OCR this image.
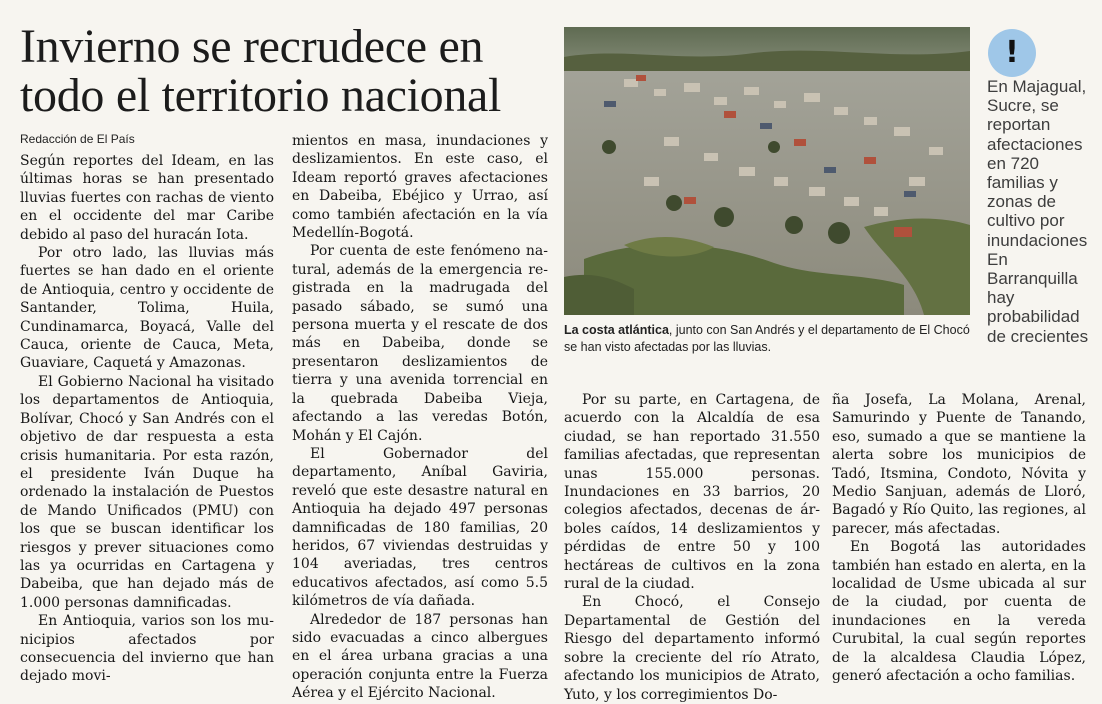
Invierno se recrudece en todo el territorio nacional
Redacción de El País

Según reportes del Ideam, en las últimas horas se han presentado lluvias fuertes con rachas de viento en el occidente del mar Caribe debido al paso del huracán Iota.

Por otro lado, las lluvias más fuertes se han dado en el oriente de Antioquia, centro y occidente de Santander, Tolima, Huila, Cundinamarca, Boyacá, Valle del Cauca, oriente de Cauca, Meta, Guaviare, Caquetá y Amazonas.

El Gobierno Nacional ha visitado los departamentos de Antioquia, Bolívar, Chocó y San Andrés con el objetivo de dar respuesta a esta crisis humanitaria. Por esta razón, el presidente Iván Duque ha ordenado la instalación de Puestos de Mando Unificados (PMU) con los que se buscan identificar los riesgos y prever situaciones como las ya ocurridas en Cartagena y Dabeiba, que han dejado más de 1.000 personas damnificadas.

En Antioquia, varios son los municipios afectados por consecuencia del invierno que han dejado movi-

mientos en masa, inundaciones y deslizamientos. En este caso, el Ideam reportó graves afectaciones en Dabeiba, Ebéjico y Urrao, así como también afectación en la vía Medellín-Bogotá.

Por cuenta de este fenómeno natural, además de la emergencia registrada en la madrugada del pasado sábado, se sumó una persona muerta y el rescate de dos más en Dabeiba, donde se presentaron deslizamientos de tierra y una avenida torrencial en la quebrada Dabeiba Vieja, afectando a las veredas Botón, Mohán y El Cajón.

El Gobernador del departamento, Aníbal Gaviria, reveló que este desastre natural en Antioquia ha dejado 497 personas damnificadas de 180 familias, 20 heridos, 67 viviendas destruidas y 104 averiadas, tres centros educativos afectados, así como 5.5 kilómetros de vía dañada.

Alrededor de 187 personas han sido evacuadas a cinco albergues en el área urbana gracias a una operación conjunta entre la Fuerza Aérea y el Ejército Nacional.

La costa atlántica, junto con San Andrés y el departamento de El Chocó se han visto afectadas por las lluvias.

!

En Majagual, Sucre, se reportan afectaciones en 720 familias y zonas de cultivo por inundaciones En Barranquilla hay probabilidad de crecientes

Por su parte, en Cartagena, de acuerdo con la Alcaldía de esa ciudad, se han reportado 31.550 familias afectadas, que representan unas 155.000 personas. Inundaciones en 33 barrios, 20 colegios afectados, decenas de árboles caídos, 14 deslizamientos y pérdidas de entre 50 y 100 hectáreas de cultivos en la zona rural de la ciudad.

En Chocó, el Consejo Departamental de Gestión del Riesgo del departamento informó sobre la creciente del río Atrato, afectando los municipios de Atrato, Yuto, y los corregimientos Do-

ña Josefa, La Molana, Arenal, Samurindo y Puente de Tanando, eso, sumado a que se mantiene la alerta sobre los municipios de Tadó, Itsmina, Condoto, Nóvita y Medio Sanjuan, además de Lloró, Bagadó y Río Quito, las regiones, al parecer, más afectadas.

En Bogotá las autoridades también han estado en alerta, en la localidad de Usme ubicada al sur de la ciudad, por cuenta de inundaciones en la vereda Curubital, la cual según reportes de la alcaldesa Claudia López, generó afectación a ocho familias.
